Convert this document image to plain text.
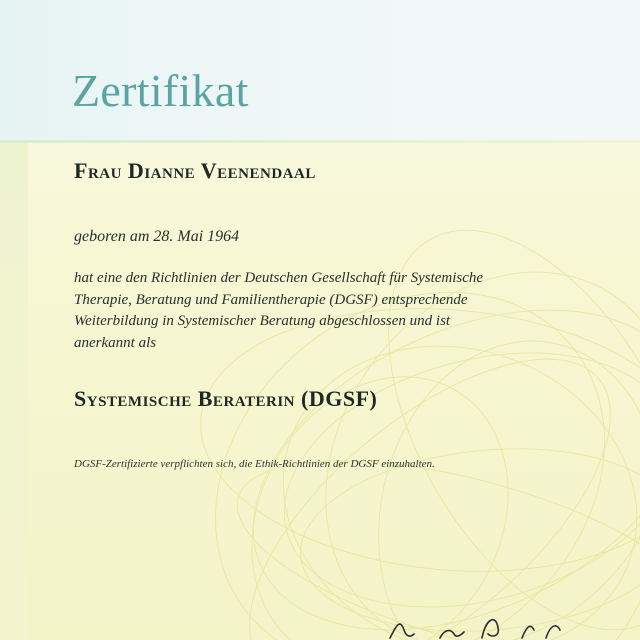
Zertifikat
Frau Dianne Veenendaal

geboren am 28. Mai 1964

hat eine den Richtlinien der Deutschen Gesellschaft für Systemische
Therapie, Beratung und Familientherapie (DGSF) entsprechende
Weiterbildung in Systemischer Beratung abgeschlossen und ist
anerkannt als

Systemische Beraterin (DGSF)

DGSF-Zertifizierte verpflichten sich, die Ethik-Richtlinien der DGSF einzuhalten.
